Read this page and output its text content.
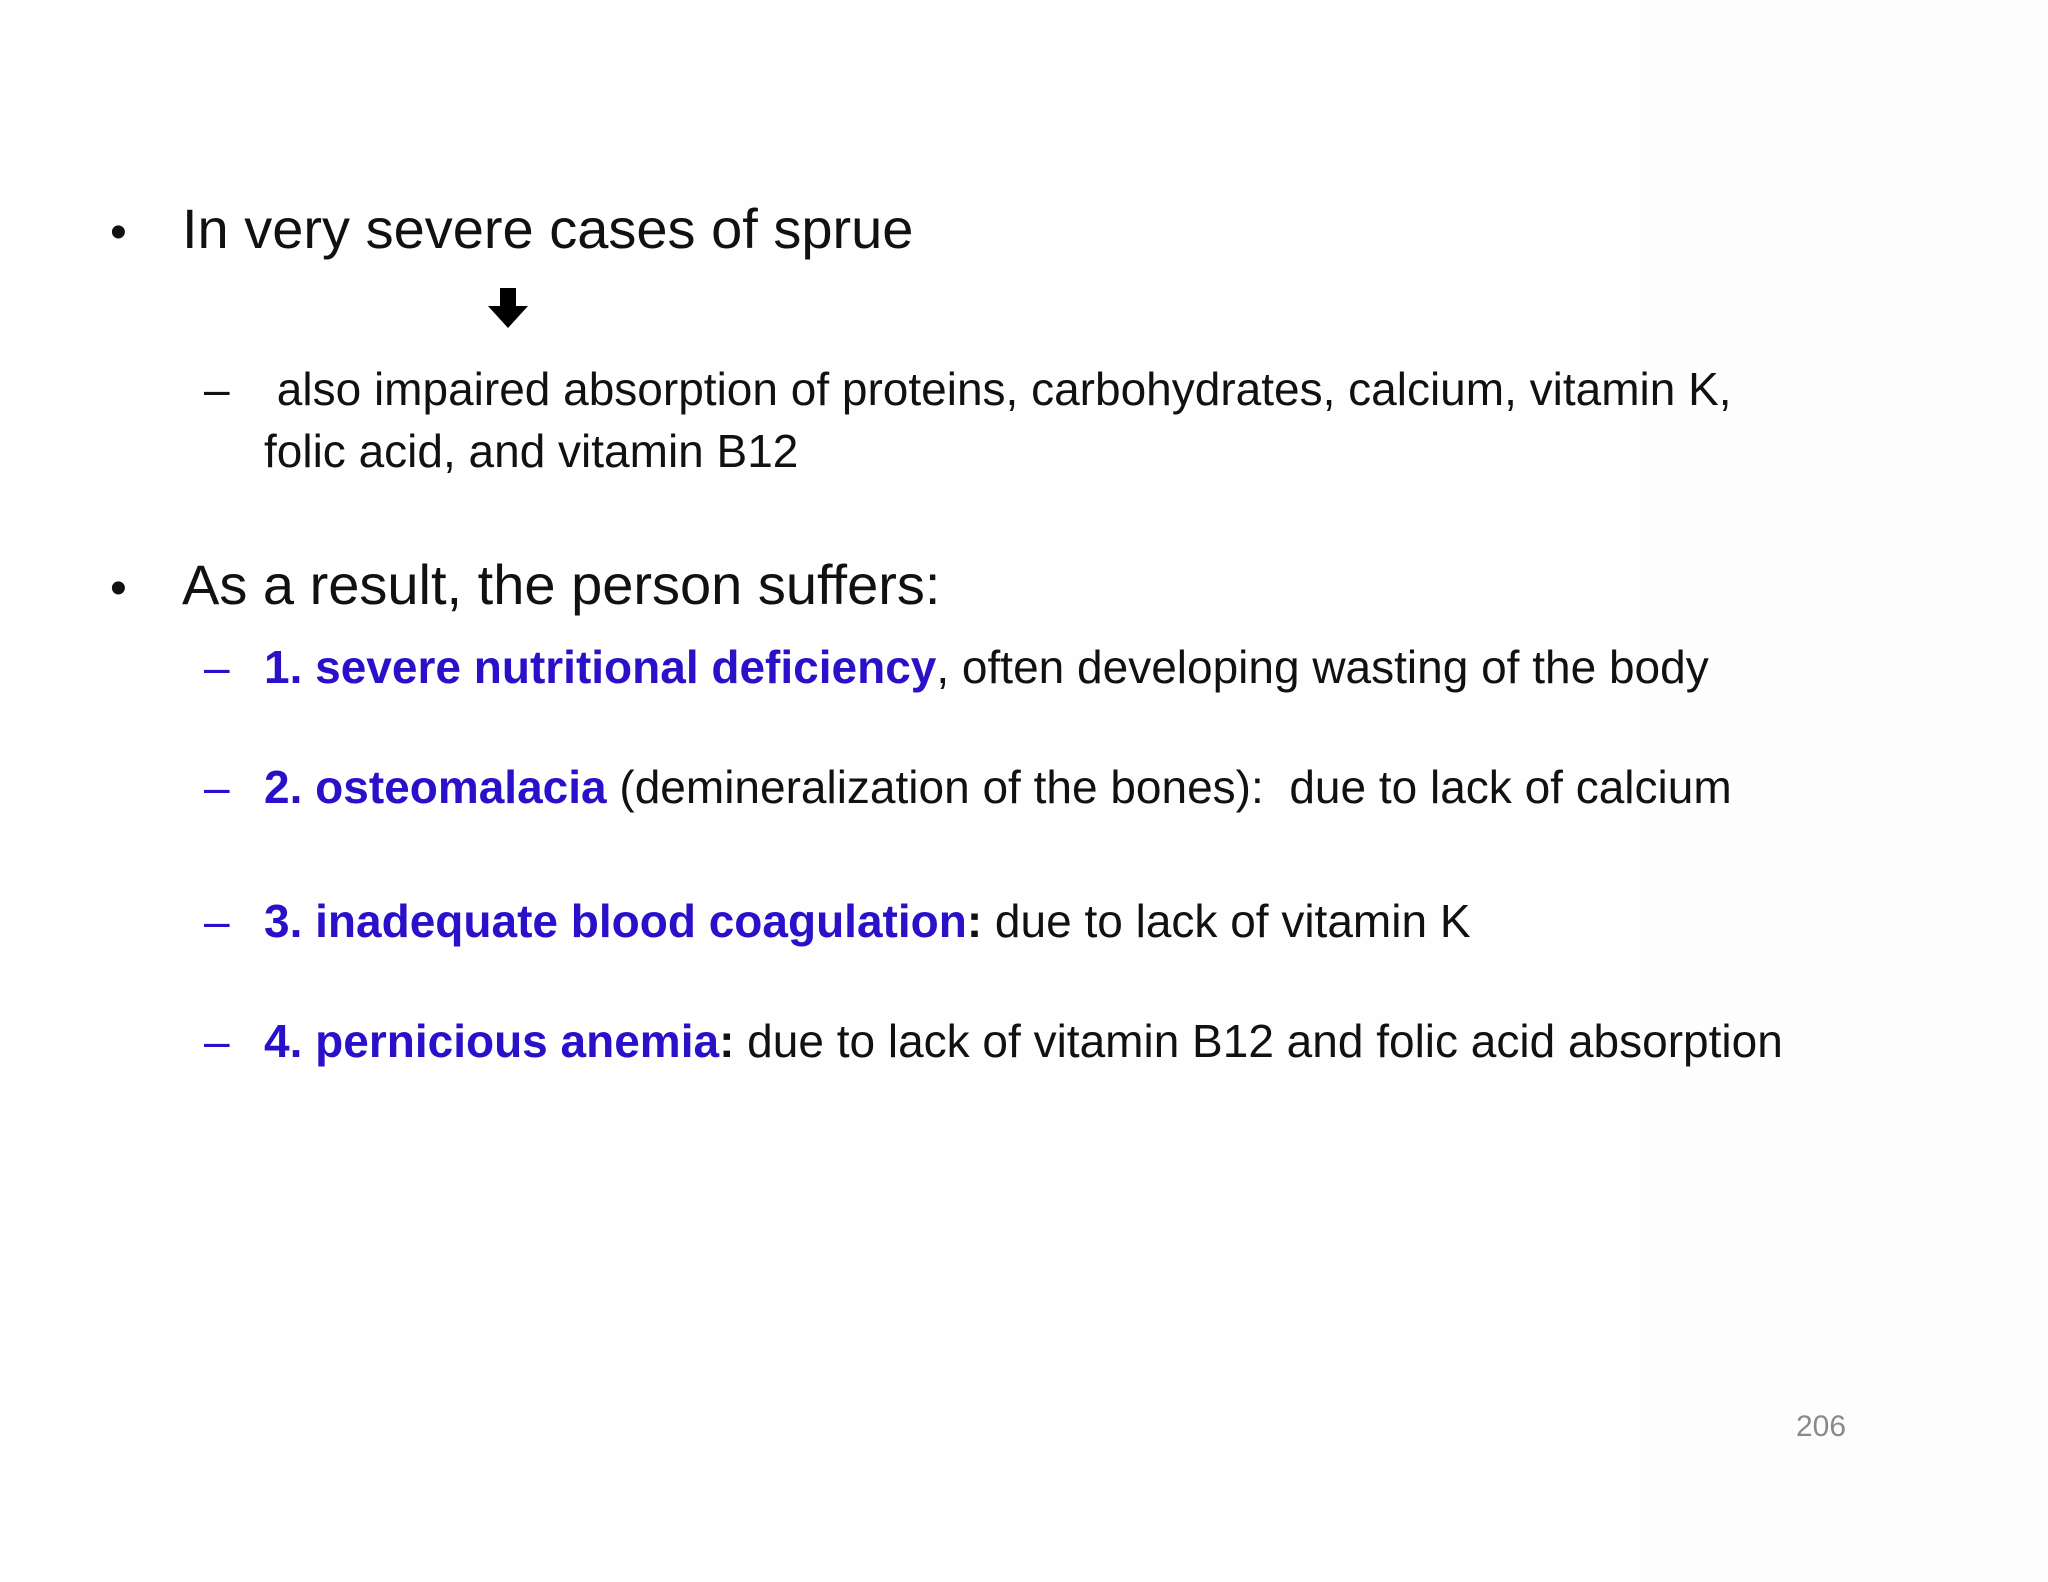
• In very severe cases of sprue
– also impaired absorption of proteins, carbohydrates, calcium, vitamin K, folic acid, and vitamin B12
• As a result, the person suffers:
– 1. severe nutritional deficiency, often developing wasting of the body
– 2. osteomalacia (demineralization of the bones):  due to lack of calcium
– 3. inadequate blood coagulation: due to lack of vitamin K
– 4. pernicious anemia: due to lack of vitamin B12 and folic acid absorption
206
